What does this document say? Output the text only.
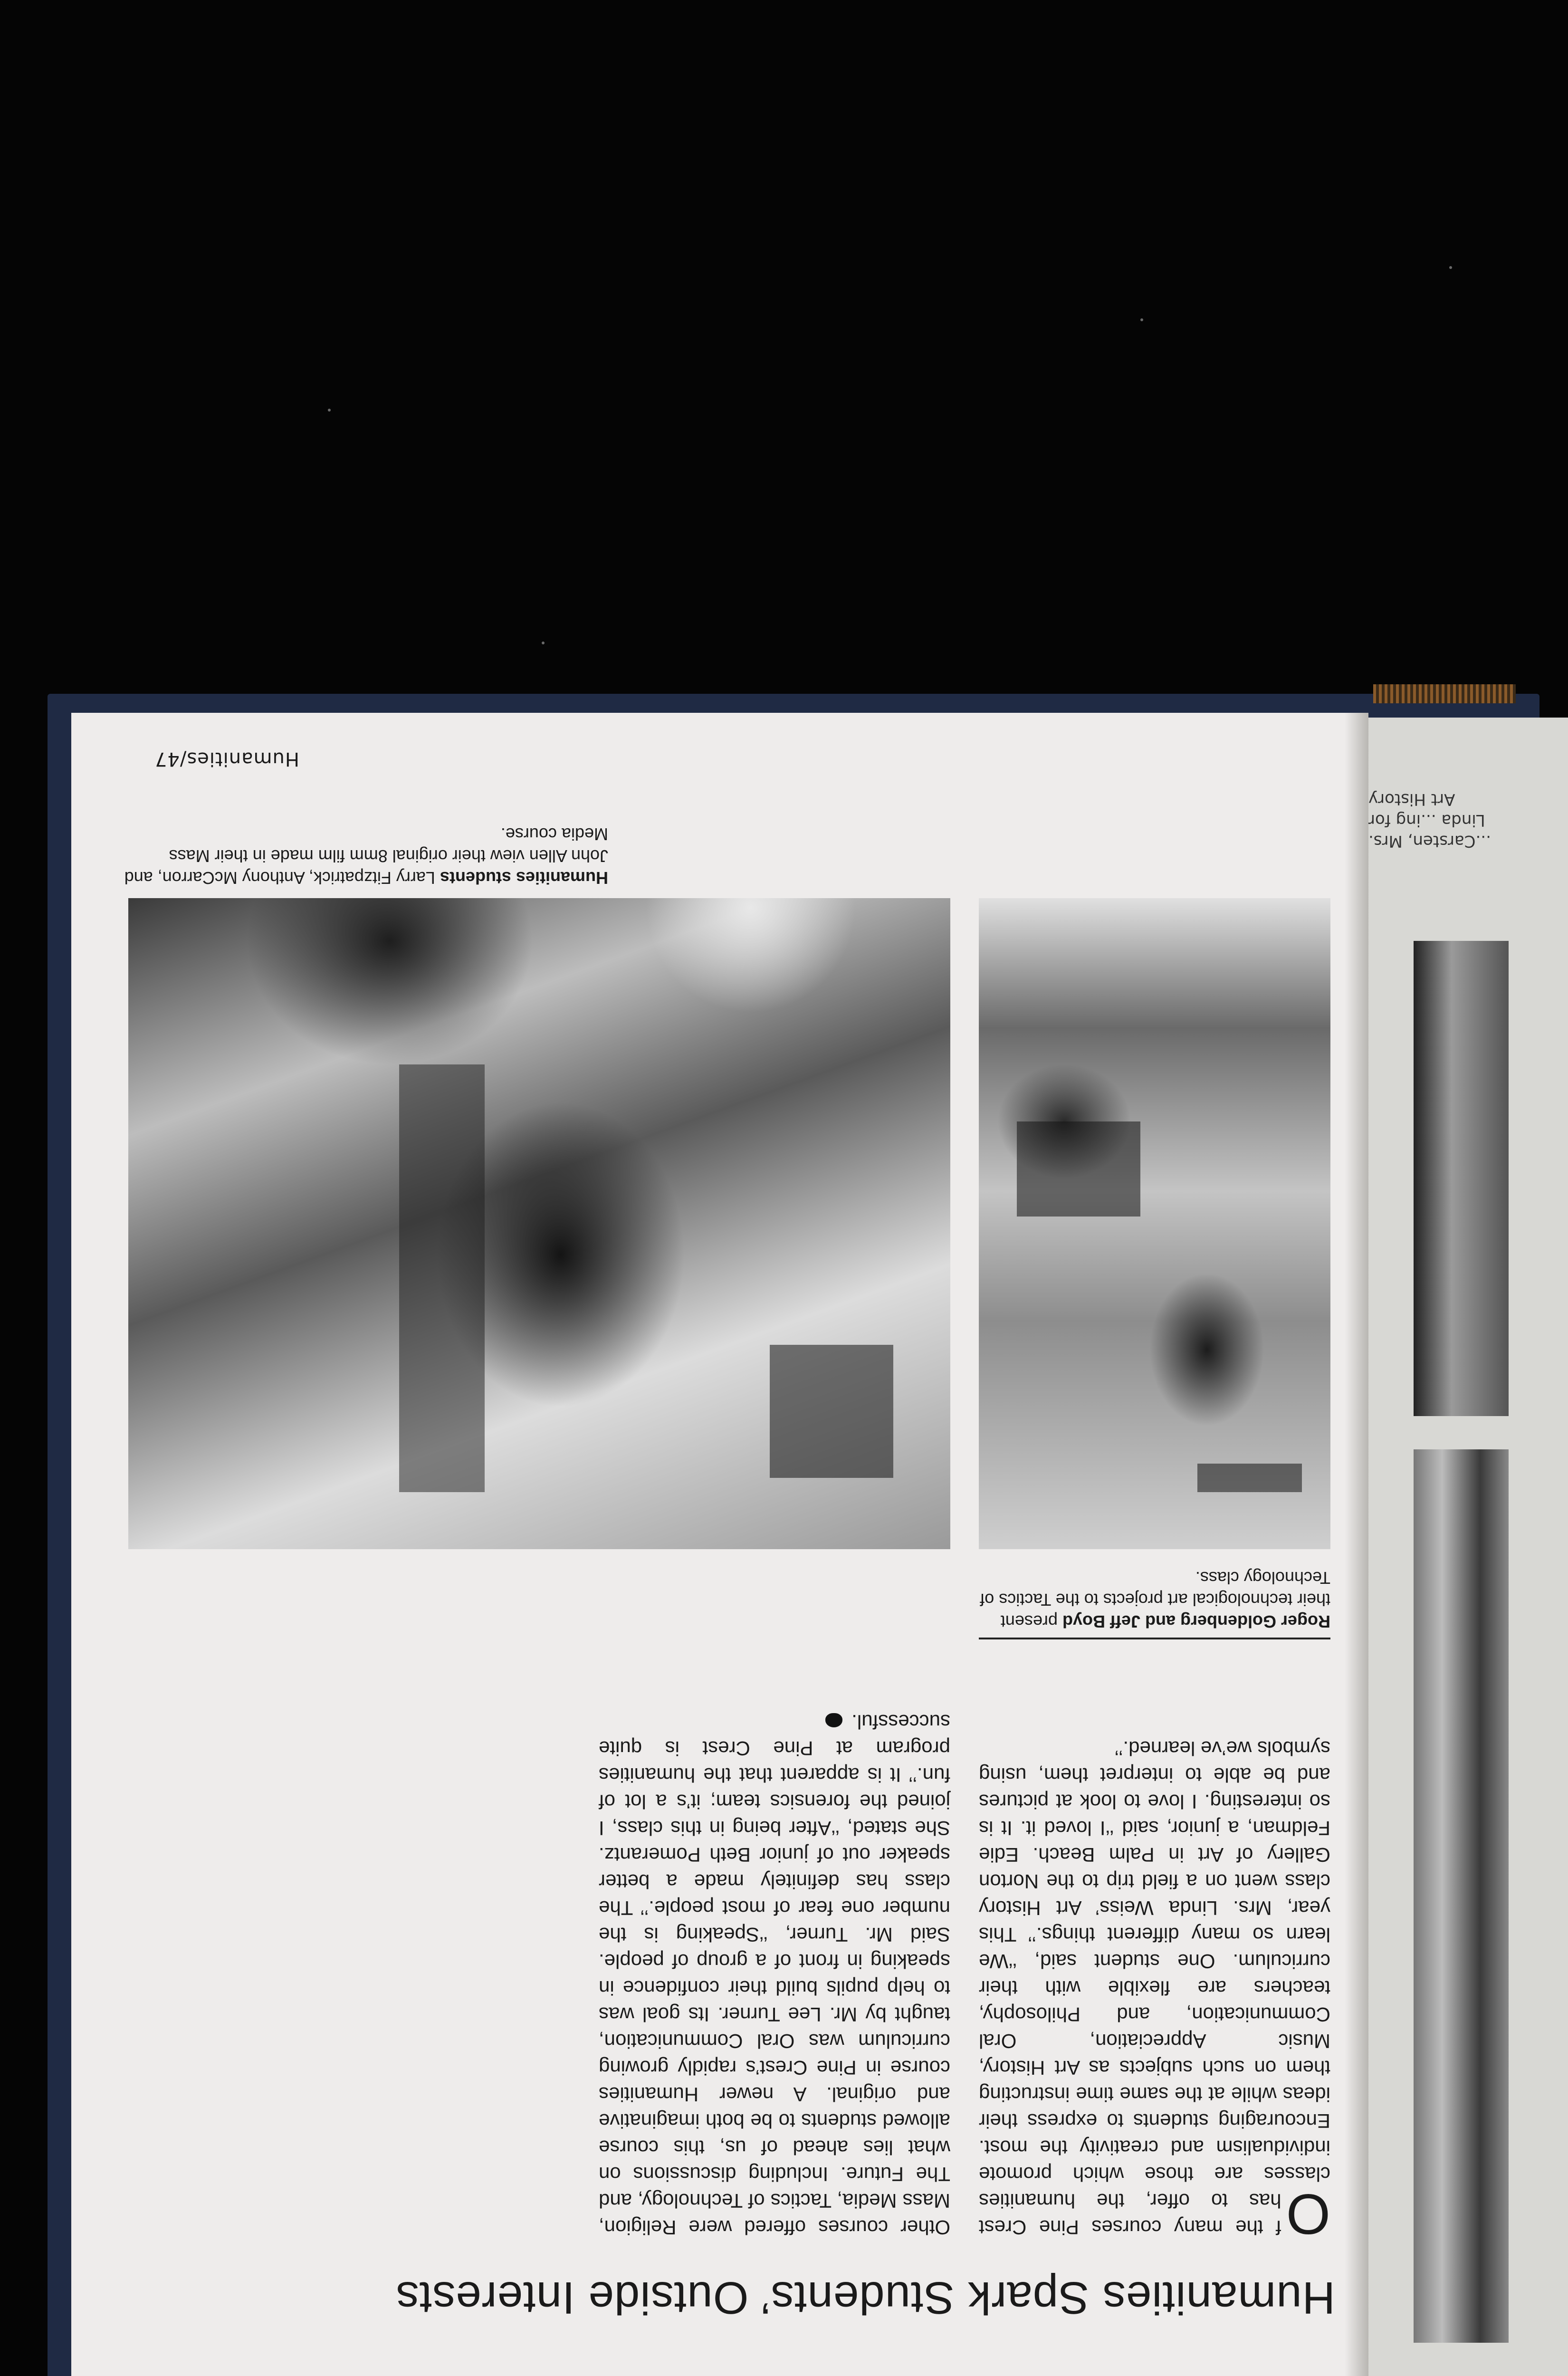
...Carsten, Mrs. Linda ...ing for Art History
Humanities Spark Students’ Outside Interests

O
f the many courses Pine Crest has to offer, the humanities classes are those which promote individualism and creativity the most. Encouraging students to express their ideas while at the same time instructing them on such subjects as Art History, Music Appreciation, Oral Communication, and Philosophy, teachers are flexible with their curriculum. One student said, ‘‘We learn so many different things.’’ This year, Mrs. Linda Weiss’ Art History class went on a field trip to the Norton Gallery of Art in Palm Beach. Edie Feldman, a junior, said ‘‘I loved it. It is so interesting. I love to look at pictures and be able to interpret them, using symbols we’ve learned.’’

Other courses offered were Religion, Mass Media, Tactics of Technology, and The Future. Including discussions on what lies ahead of us, this course allowed students to be both imaginative and original. A newer Humanities course in Pine Crest’s rapidly growing curriculum was Oral Communication, taught by Mr. Lee Turner. Its goal was to help pupils build their confidence in speaking in front of a group of people. Said Mr. Turner, ‘‘Speaking is the number one fear of most people.’’ The class has definitely made a better speaker out of junior Beth Pomerantz. She stated, ‘‘After being in this class, I joined the forensics team; it’s a lot of fun.’’ It is apparent that the humanities program at Pine Crest is quite successful.

Roger Goldenberg and Jeff Boyd present their technological art projects to the Tactics of Technology class.
Humanities students Larry Fitzpatrick, Anthony McCarron, and John Allen view their original 8mm film made in their Mass Media course.
Humanities/47
